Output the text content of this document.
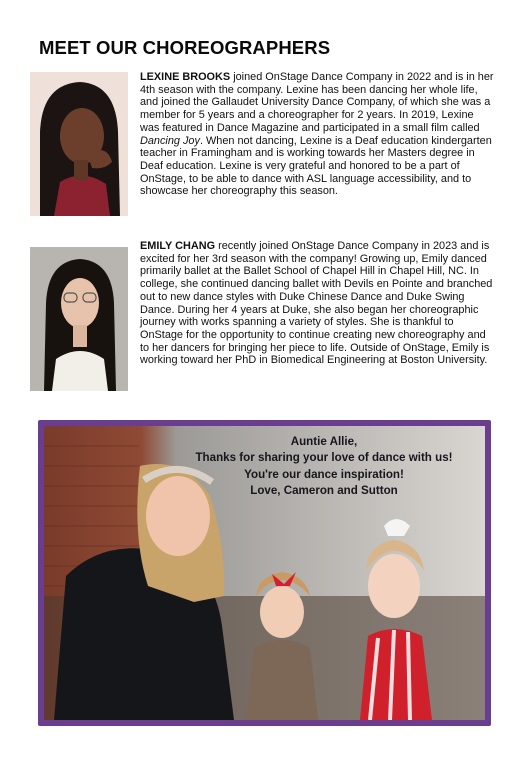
MEET OUR CHOREOGRAPHERS
LEXINE BROOKS joined OnStage Dance Company in 2022 and is in her 4th season with the company. Lexine has been dancing her whole life, and joined the Gallaudet University Dance Company, of which she was a member for 5 years and a choreographer for 2 years. In 2019, Lexine was featured in Dance Magazine and participated in a small film called Dancing Joy. When not dancing, Lexine is a Deaf education kindergarten teacher in Framingham and is working towards her Masters degree in Deaf education. Lexine is very grateful and honored to be a part of OnStage, to be able to dance with ASL language accessibility, and to showcase her choreography this season.
EMILY CHANG recently joined OnStage Dance Company in 2023 and is excited for her 3rd season with the company! Growing up, Emily danced primarily ballet at the Ballet School of Chapel Hill in Chapel Hill, NC. In college, she continued dancing ballet with Devils en Pointe and branched out to new dance styles with Duke Chinese Dance and Duke Swing Dance. During her 4 years at Duke, she also began her choreographic journey with works spanning a variety of styles. She is thankful to OnStage for the opportunity to continue creating new choreography and to her dancers for bringing her piece to life. Outside of OnStage, Emily is working toward her PhD in Biomedical Engineering at Boston University.
Auntie Allie,
Thanks for sharing your love of dance with us!
You're our dance inspiration!
Love, Cameron and Sutton
